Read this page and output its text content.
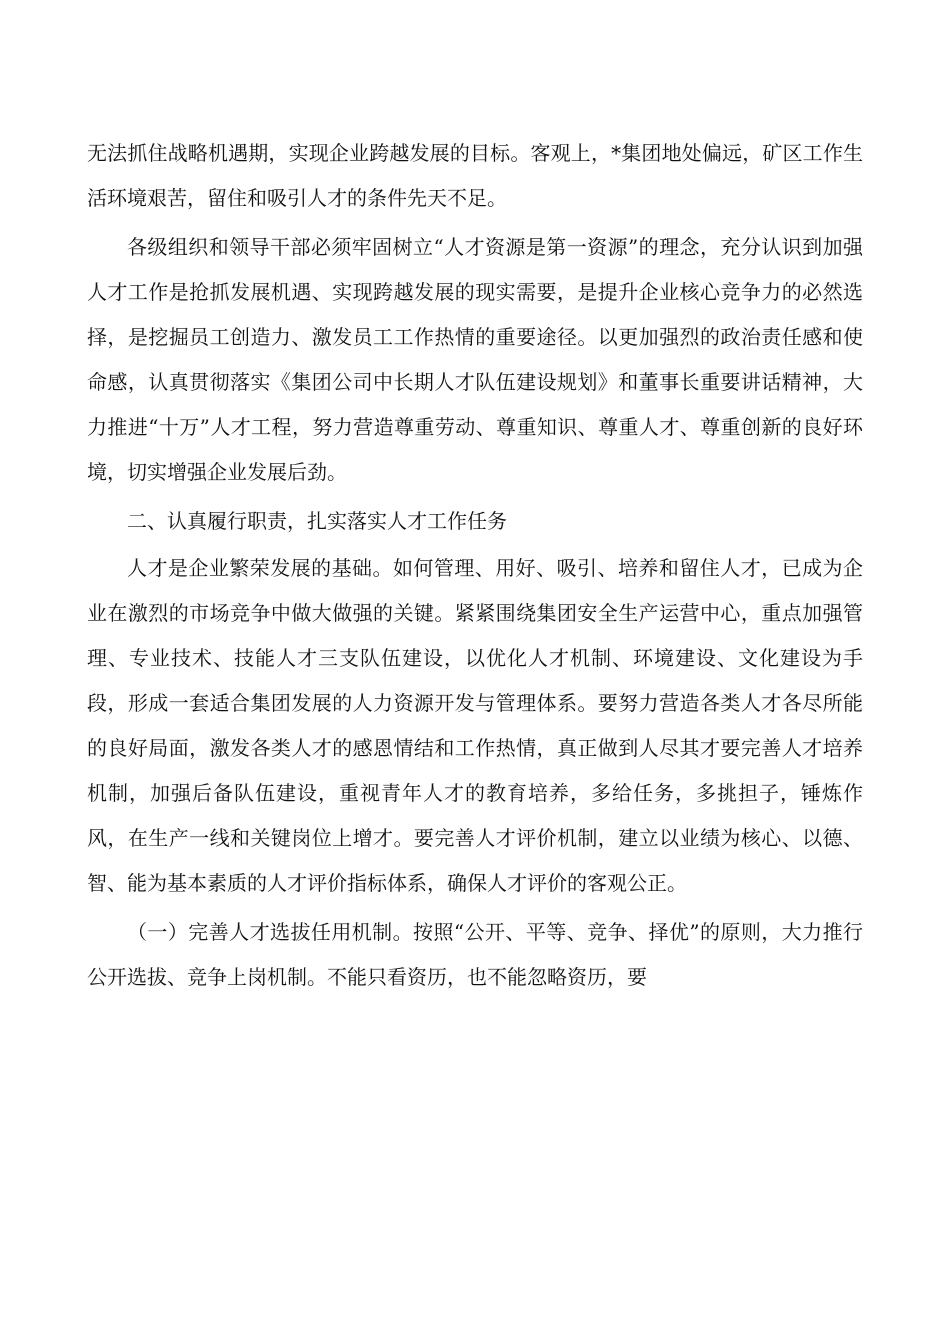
无法抓住战略机遇期，实现企业跨越发展的目标。客观上，*集团地处偏远，矿区工作生活环境艰苦，留住和吸引人才的条件先天不足。

各级组织和领导干部必须牢固树立“人才资源是第一资源”的理念，充分认识到加强人才工作是抢抓发展机遇、实现跨越发展的现实需要，是提升企业核心竞争力的必然选择，是挖掘员工创造力、激发员工工作热情的重要途径。以更加强烈的政治责任感和使命感，认真贯彻落实《集团公司中长期人才队伍建设规划》和董事长重要讲话精神，大力推进“十万”人才工程，努力营造尊重劳动、尊重知识、尊重人才、尊重创新的良好环境，切实增强企业发展后劲。

二、认真履行职责，扎实落实人才工作任务

人才是企业繁荣发展的基础。如何管理、用好、吸引、培养和留住人才，已成为企业在激烈的市场竞争中做大做强的关键。紧紧围绕集团安全生产运营中心，重点加强管理、专业技术、技能人才三支队伍建设，以优化人才机制、环境建设、文化建设为手段，形成一套适合集团发展的人力资源开发与管理体系。要努力营造各类人才各尽所能的良好局面，激发各类人才的感恩情结和工作热情，真正做到人尽其才要完善人才培养机制，加强后备队伍建设，重视青年人才的教育培养，多给任务，多挑担子，锤炼作风，在生产一线和关键岗位上增才。要完善人才评价机制，建立以业绩为核心、以德、智、能为基本素质的人才评价指标体系，确保人才评价的客观公正。

（一）完善人才选拔任用机制。按照“公开、平等、竞争、择优”的原则，大力推行公开选拔、竞争上岗机制。不能只看资历，也不能忽略资历，要
